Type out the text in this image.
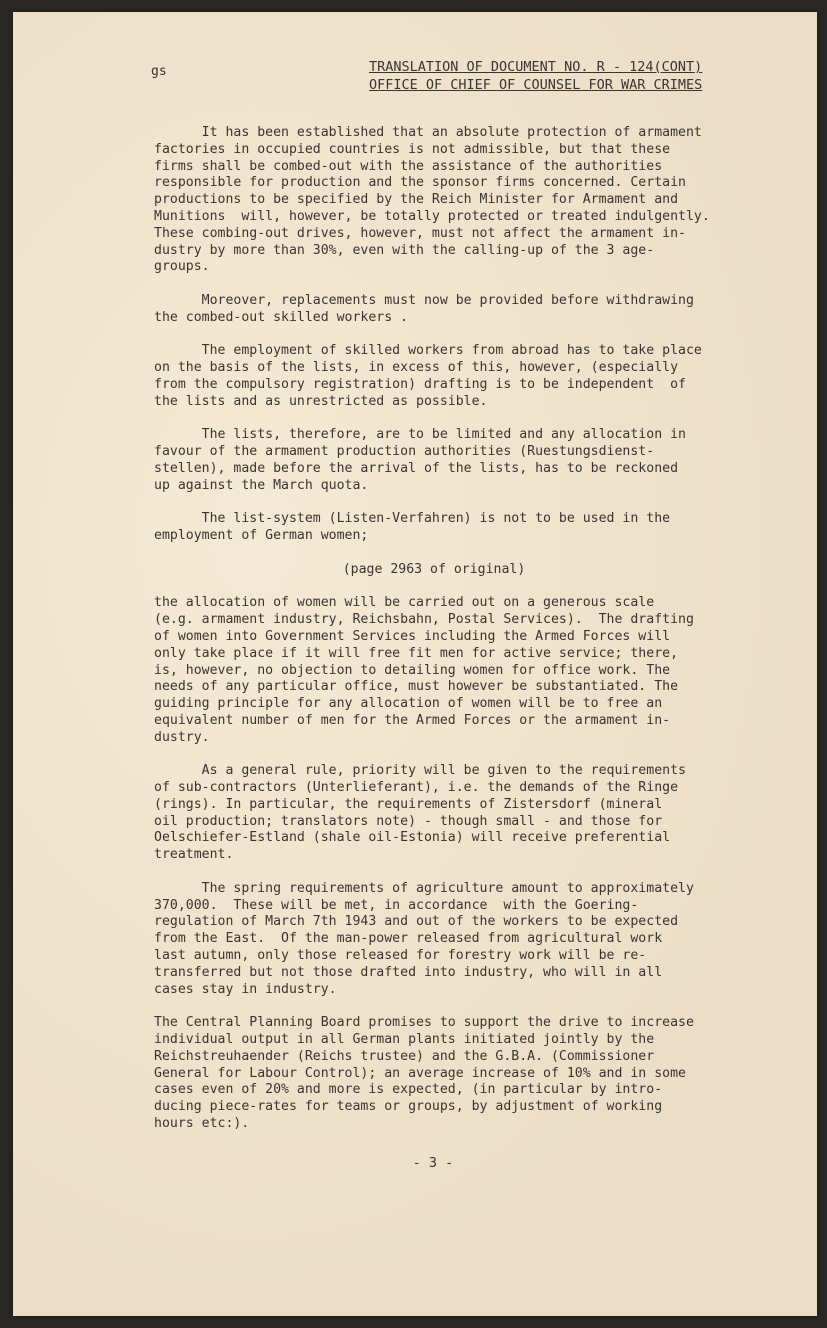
gs	TRANSLATION OF DOCUMENT NO. R - 124(CONT)
OFFICE OF CHIEF OF COUNSEL FOR WAR CRIMES
It has been established that an absolute protection of armament
factories in occupied countries is not admissible, but that these
firms shall be combed-out with the assistance of the authorities
responsible for production and the sponsor firms concerned. Certain
productions to be specified by the Reich Minister for Armament and
Munitions  will, however, be totally protected or treated indulgently.
These combing-out drives, however, must not affect the armament in-
dustry by more than 30%, even with the calling-up of the 3 age-
groups.
Moreover, replacements must now be provided before withdrawing
the combed-out skilled workers .
The employment of skilled workers from abroad has to take place
on the basis of the lists, in excess of this, however, (especially
from the compulsory registration) drafting is to be independent  of
the lists and as unrestricted as possible.
The lists, therefore, are to be limited and any allocation in
favour of the armament production authorities (Ruestungsdienst-
stellen), made before the arrival of the lists, has to be reckoned
up against the March quota.
The list-system (Listen-Verfahren) is not to be used in the
employment of German women;
(page 2963 of original)
the allocation of women will be carried out on a generous scale
(e.g. armament industry, Reichsbahn, Postal Services).  The drafting
of women into Government Services including the Armed Forces will
only take place if it will free fit men for active service; there,
is, however, no objection to detailing women for office work. The
needs of any particular office, must however be substantiated. The
guiding principle for any allocation of women will be to free an
equivalent number of men for the Armed Forces or the armament in-
dustry.
As a general rule, priority will be given to the requirements
of sub-contractors (Unterlieferant), i.e. the demands of the Ringe
(rings). In particular, the requirements of Zistersdorf (mineral
oil production; translators note) - though small - and those for
Oelschiefer-Estland (shale oil-Estonia) will receive preferential
treatment.
The spring requirements of agriculture amount to approximately
370,000.  These will be met, in accordance  with the Goering-
regulation of March 7th 1943 and out of the workers to be expected
from the East.  Of the man-power released from agricultural work
last autumn, only those released for forestry work will be re-
transferred but not those drafted into industry, who will in all
cases stay in industry.
The Central Planning Board promises to support the drive to increase
individual output in all German plants initiated jointly by the
Reichstreuhaender (Reichs trustee) and the G.B.A. (Commissioner
General for Labour Control); an average increase of 10% and in some
cases even of 20% and more is expected, (in particular by intro-
ducing piece-rates for teams or groups, by adjustment of working
hours etc:).
- 3 -
